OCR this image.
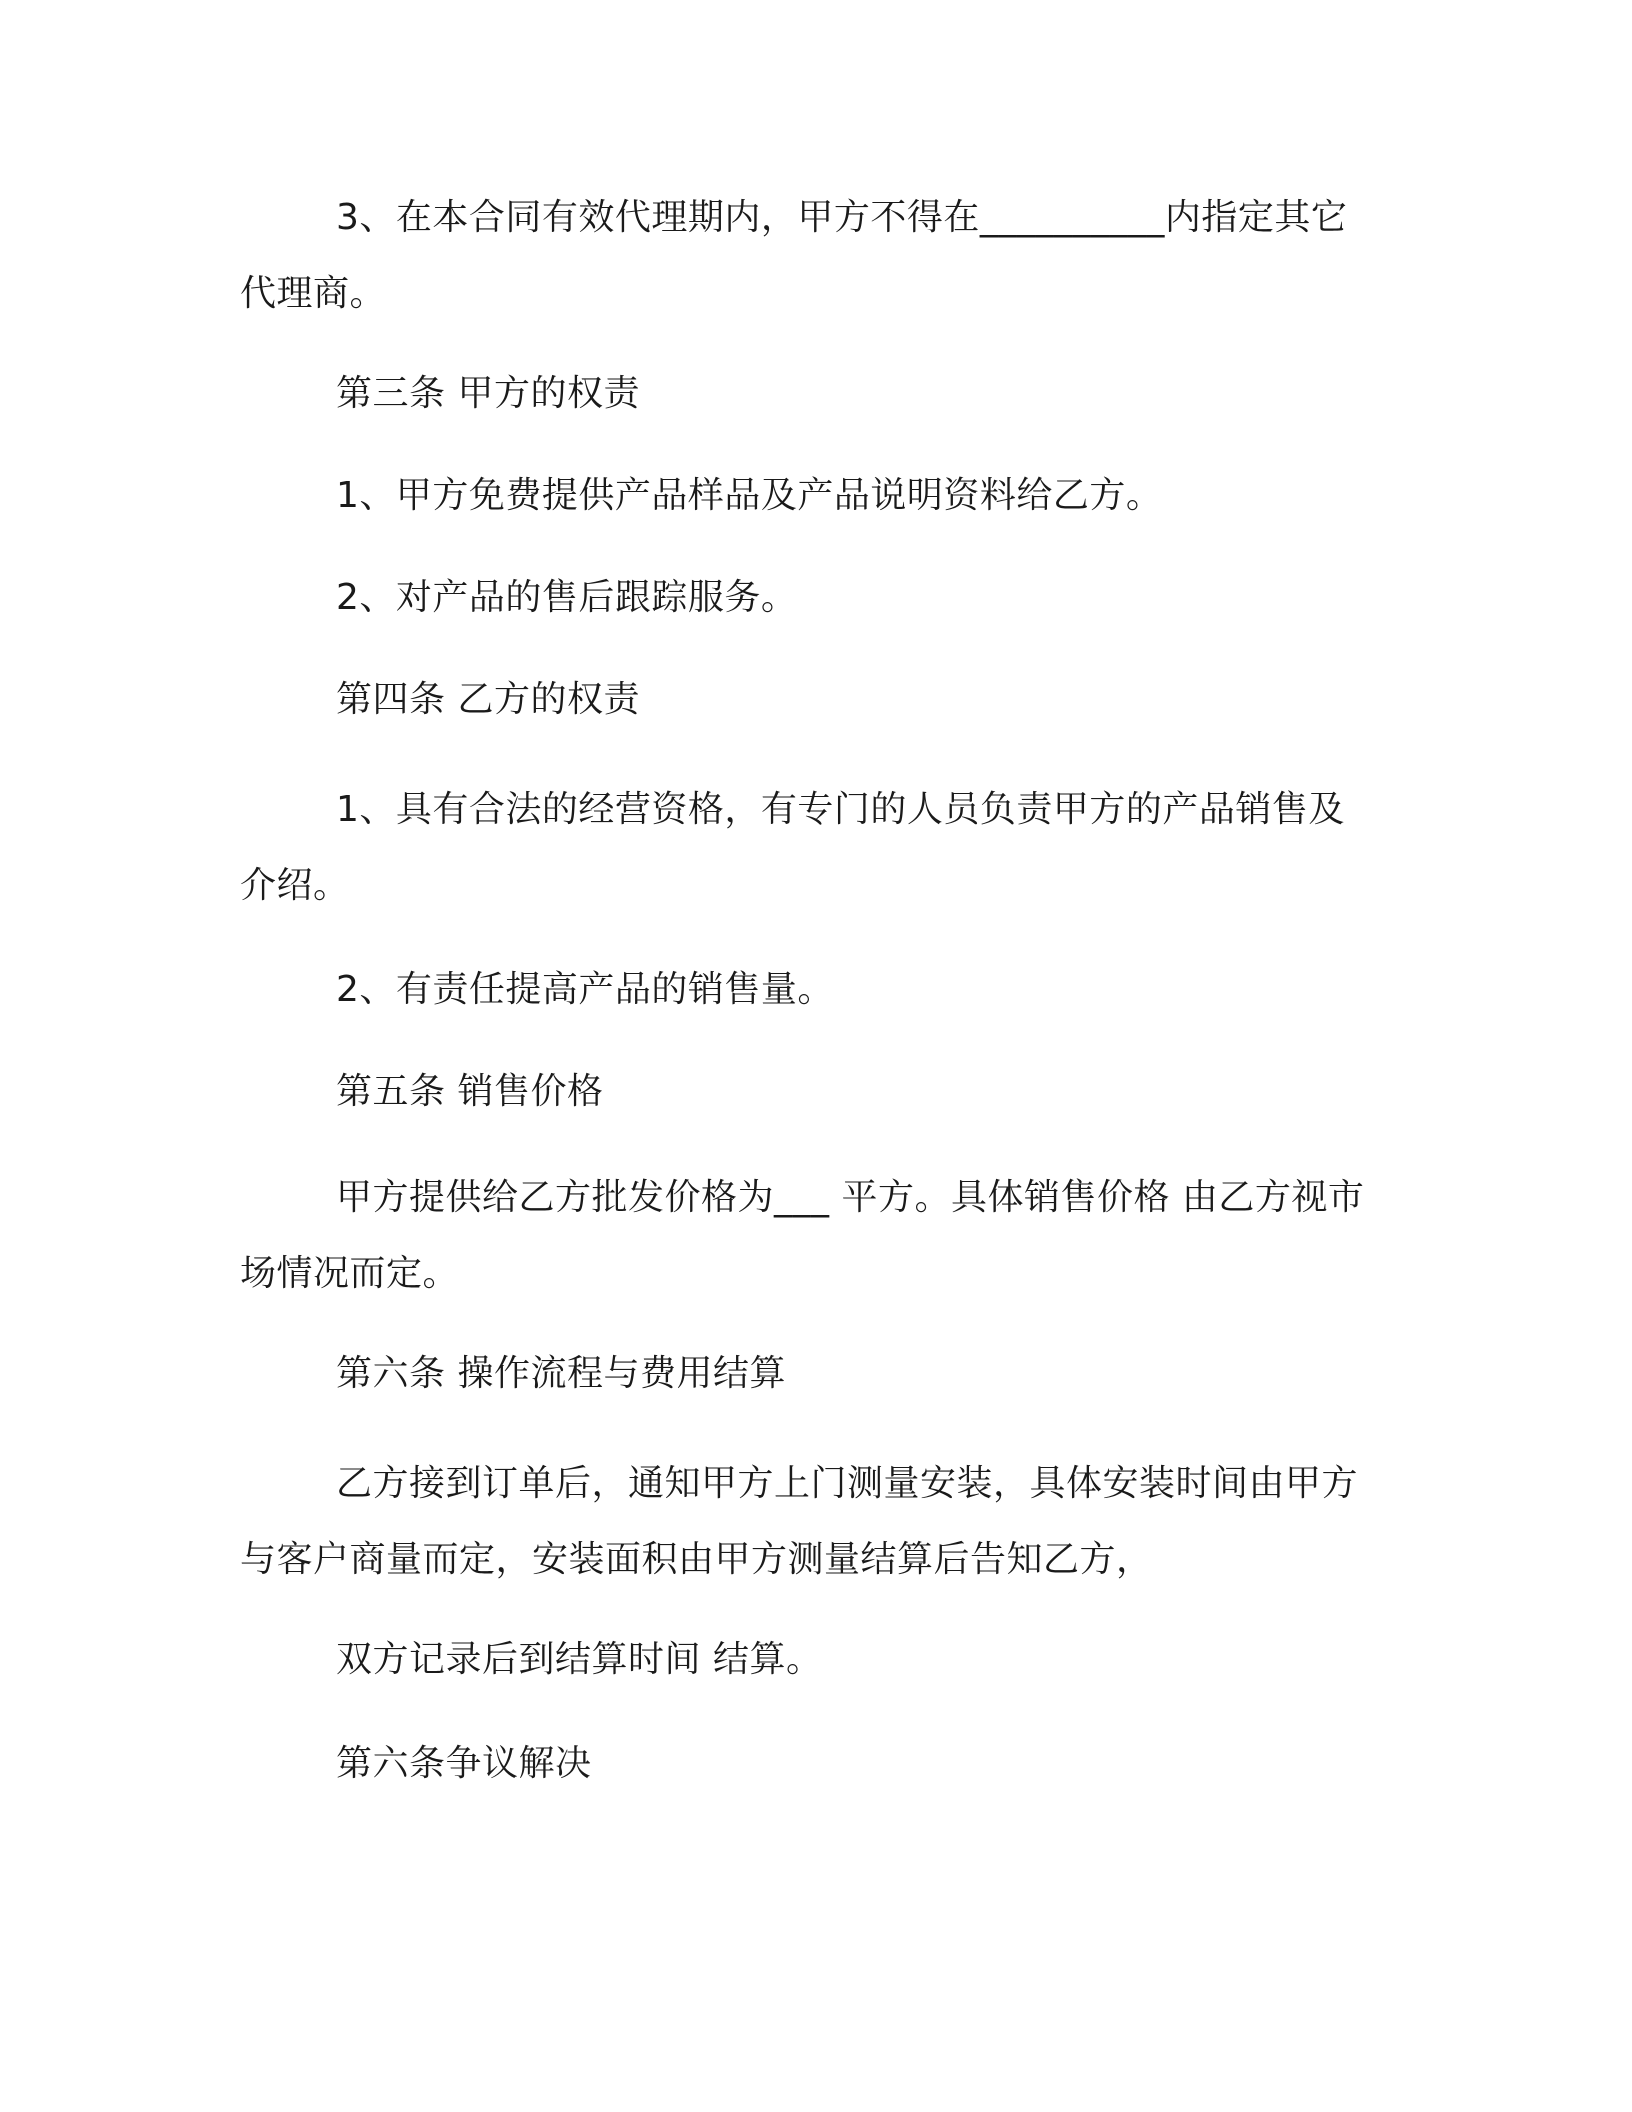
3、在本合同有效代理期内，甲方不得在__________内指定其它
代理商。

第三条 甲方的权责

1、甲方免费提供产品样品及产品说明资料给乙方。

2、对产品的售后跟踪服务。

第四条 乙方的权责

1、具有合法的经营资格，有专门的人员负责甲方的产品销售及
介绍。

2、有责任提高产品的销售量。

第五条 销售价格

甲方提供给乙方批发价格为___ 平方。具体销售价格 由乙方视市
场情况而定。

第六条 操作流程与费用结算

乙方接到订单后，通知甲方上门测量安装，具体安装时间由甲方
与客户商量而定，安装面积由甲方测量结算后告知乙方，

双方记录后到结算时间 结算。

第六条争议解决
